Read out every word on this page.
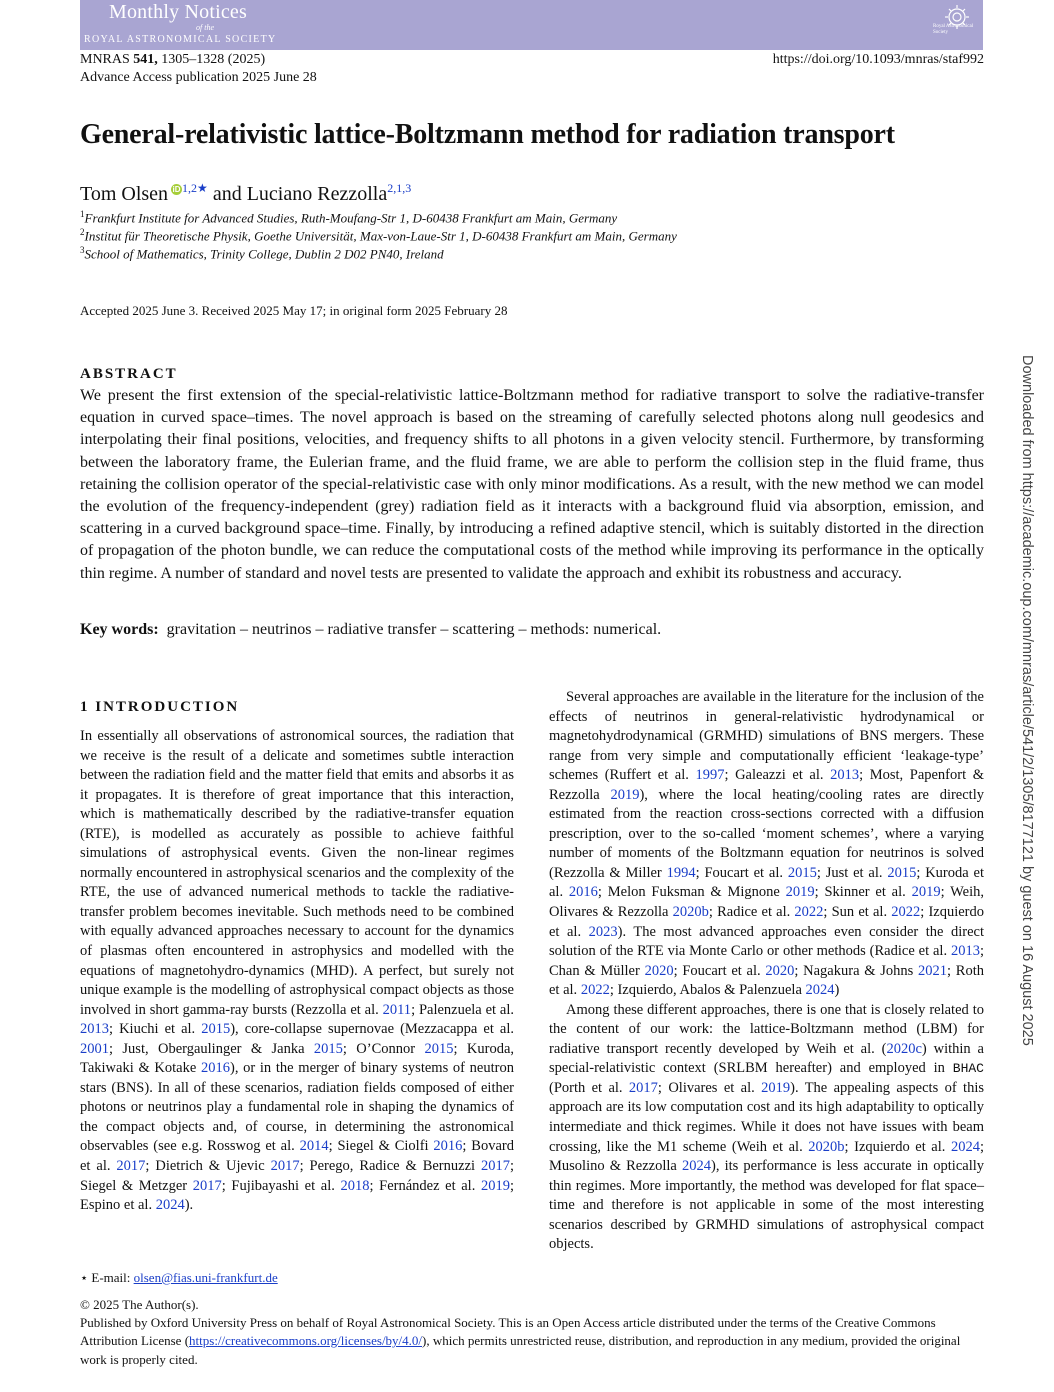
Monthly Notices
of the
ROYAL ASTRONOMICAL SOCIETY
Royal Astronomical Society
MNRAS 541, 1305–1328 (2025)
Advance Access publication 2025 June 28
https://doi.org/10.1093/mnras/staf992
General-relativistic lattice-Boltzmann method for radiation transport
Tom Olsen iD $^{1,2★}$ and Luciano Rezzolla$^{2,1,3}$
$^1$Frankfurt Institute for Advanced Studies, Ruth-Moufang-Str 1, D-60438 Frankfurt am Main, Germany
$^2$Institut für Theoretische Physik, Goethe Universität, Max-von-Laue-Str 1, D-60438 Frankfurt am Main, Germany
$^3$School of Mathematics, Trinity College, Dublin 2 D02 PN40, Ireland
Accepted 2025 June 3. Received 2025 May 17; in original form 2025 February 28
ABSTRACT
We present the first extension of the special-relativistic lattice-Boltzmann method for radiative transport to solve the radiative-transfer equation in curved space–times. The novel approach is based on the streaming of carefully selected photons along null geodesics and interpolating their final positions, velocities, and frequency shifts to all photons in a given velocity stencil. Furthermore, by transforming between the laboratory frame, the Eulerian frame, and the fluid frame, we are able to perform the collision step in the fluid frame, thus retaining the collision operator of the special-relativistic case with only minor modifications. As a result, with the new method we can model the evolution of the frequency-independent (grey) radiation field as it interacts with a background fluid via absorption, emission, and scattering in a curved background space–time. Finally, by introducing a refined adaptive stencil, which is suitably distorted in the direction of propagation of the photon bundle, we can reduce the computational costs of the method while improving its performance in the optically thin regime. A number of standard and novel tests are presented to validate the approach and exhibit its robustness and accuracy.
Key words: gravitation – neutrinos – radiative transfer – scattering – methods: numerical.
1 INTRODUCTION

In essentially all observations of astronomical sources, the radiation that we receive is the result of a delicate and sometimes subtle interaction between the radiation field and the matter field that emits and absorbs it as it propagates. It is therefore of great importance that this interaction, which is mathematically described by the radiative-transfer equation (RTE), is modelled as accurately as possible to achieve faithful simulations of astrophysical events. Given the non-linear regimes normally encountered in astrophysical scenarios and the complexity of the RTE, the use of advanced numerical methods to tackle the radiative-transfer problem becomes inevitable. Such methods need to be combined with equally advanced approaches necessary to account for the dynamics of plasmas often encountered in astrophysics and modelled with the equations of magnetohydro-dynamics (MHD). A perfect, but surely not unique example is the modelling of astrophysical compact objects as those involved in short gamma-ray bursts (Rezzolla et al. 2011; Palenzuela et al. 2013; Kiuchi et al. 2015), core-collapse supernovae (Mezzacappa et al. 2001; Just, Obergaulinger & Janka 2015; O’Connor 2015; Kuroda, Takiwaki & Kotake 2016), or in the merger of binary systems of neutron stars (BNS). In all of these scenarios, radiation fields composed of either photons or neutrinos play a fundamental role in shaping the dynamics of the compact objects and, of course, in determining the astronomical observables (see e.g. Rosswog et al. 2014; Siegel & Ciolfi 2016; Bovard et al. 2017; Dietrich & Ujevic 2017; Perego, Radice & Bernuzzi 2017; Siegel & Metzger 2017; Fujibayashi et al. 2018; Fernández et al. 2019; Espino et al. 2024).

Several approaches are available in the literature for the inclusion of the effects of neutrinos in general-relativistic hydrodynamical or magnetohydrodynamical (GRMHD) simulations of BNS mergers. These range from very simple and computationally efficient ‘leakage-type’ schemes (Ruffert et al. 1997; Galeazzi et al. 2013; Most, Papenfort & Rezzolla 2019), where the local heating/cooling rates are directly estimated from the reaction cross-sections corrected with a diffusion prescription, over to the so-called ‘moment schemes’, where a varying number of moments of the Boltzmann equation for neutrinos is solved (Rezzolla & Miller 1994; Foucart et al. 2015; Just et al. 2015; Kuroda et al. 2016; Melon Fuksman & Mignone 2019; Skinner et al. 2019; Weih, Olivares & Rezzolla 2020b; Radice et al. 2022; Sun et al. 2022; Izquierdo et al. 2023). The most advanced approaches even consider the direct solution of the RTE via Monte Carlo or other methods (Radice et al. 2013; Chan & Müller 2020; Foucart et al. 2020; Nagakura & Johns 2021; Roth et al. 2022; Izquierdo, Abalos & Palenzuela 2024)

Among these different approaches, there is one that is closely related to the content of our work: the lattice-Boltzmann method (LBM) for radiative transport recently developed by Weih et al. (2020c) within a special-relativistic context (SRLBM hereafter) and employed in BHAC (Porth et al. 2017; Olivares et al. 2019). The appealing aspects of this approach are its low computation cost and its high adaptability to optically intermediate and thick regimes. While it does not have issues with beam crossing, like the M1 scheme (Weih et al. 2020b; Izquierdo et al. 2024; Musolino & Rezzolla 2024), its performance is less accurate in optically thin regimes. More importantly, the method was developed for flat space–time and therefore is not applicable in some of the most interesting scenarios described by GRMHD simulations of astrophysical compact objects.

⋆ E-mail: olsen@fias.uni-frankfurt.de
© 2025 The Author(s).
Published by Oxford University Press on behalf of Royal Astronomical Society. This is an Open Access article distributed under the terms of the Creative Commons Attribution License (https://creativecommons.org/licenses/by/4.0/), which permits unrestricted reuse, distribution, and reproduction in any medium, provided the original work is properly cited.
Downloaded from https://academic.oup.com/mnras/article/541/2/1305/8177121 by guest on 16 August 2025
